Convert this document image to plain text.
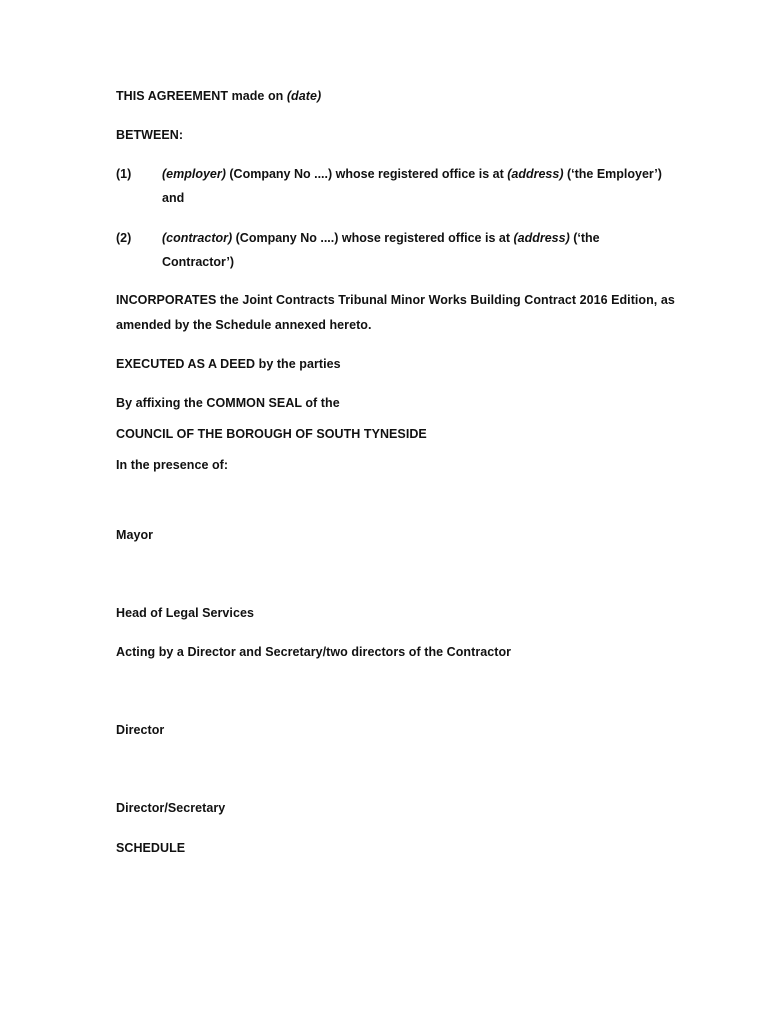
THIS AGREEMENT made on (date)
BETWEEN:
(1) (employer) (Company No ....) whose registered office is at (address) (‘the Employer’)
and
(2) (contractor) (Company No ....) whose registered office is at (address) (‘the
Contractor’)
INCORPORATES the Joint Contracts Tribunal Minor Works Building Contract 2016 Edition, as
amended by the Schedule annexed hereto.
EXECUTED AS A DEED by the parties
By affixing the COMMON SEAL of the
COUNCIL OF THE BOROUGH OF SOUTH TYNESIDE
In the presence of:
Mayor
Head of Legal Services
Acting by a Director and Secretary/two directors of the Contractor
Director
Director/Secretary
SCHEDULE
